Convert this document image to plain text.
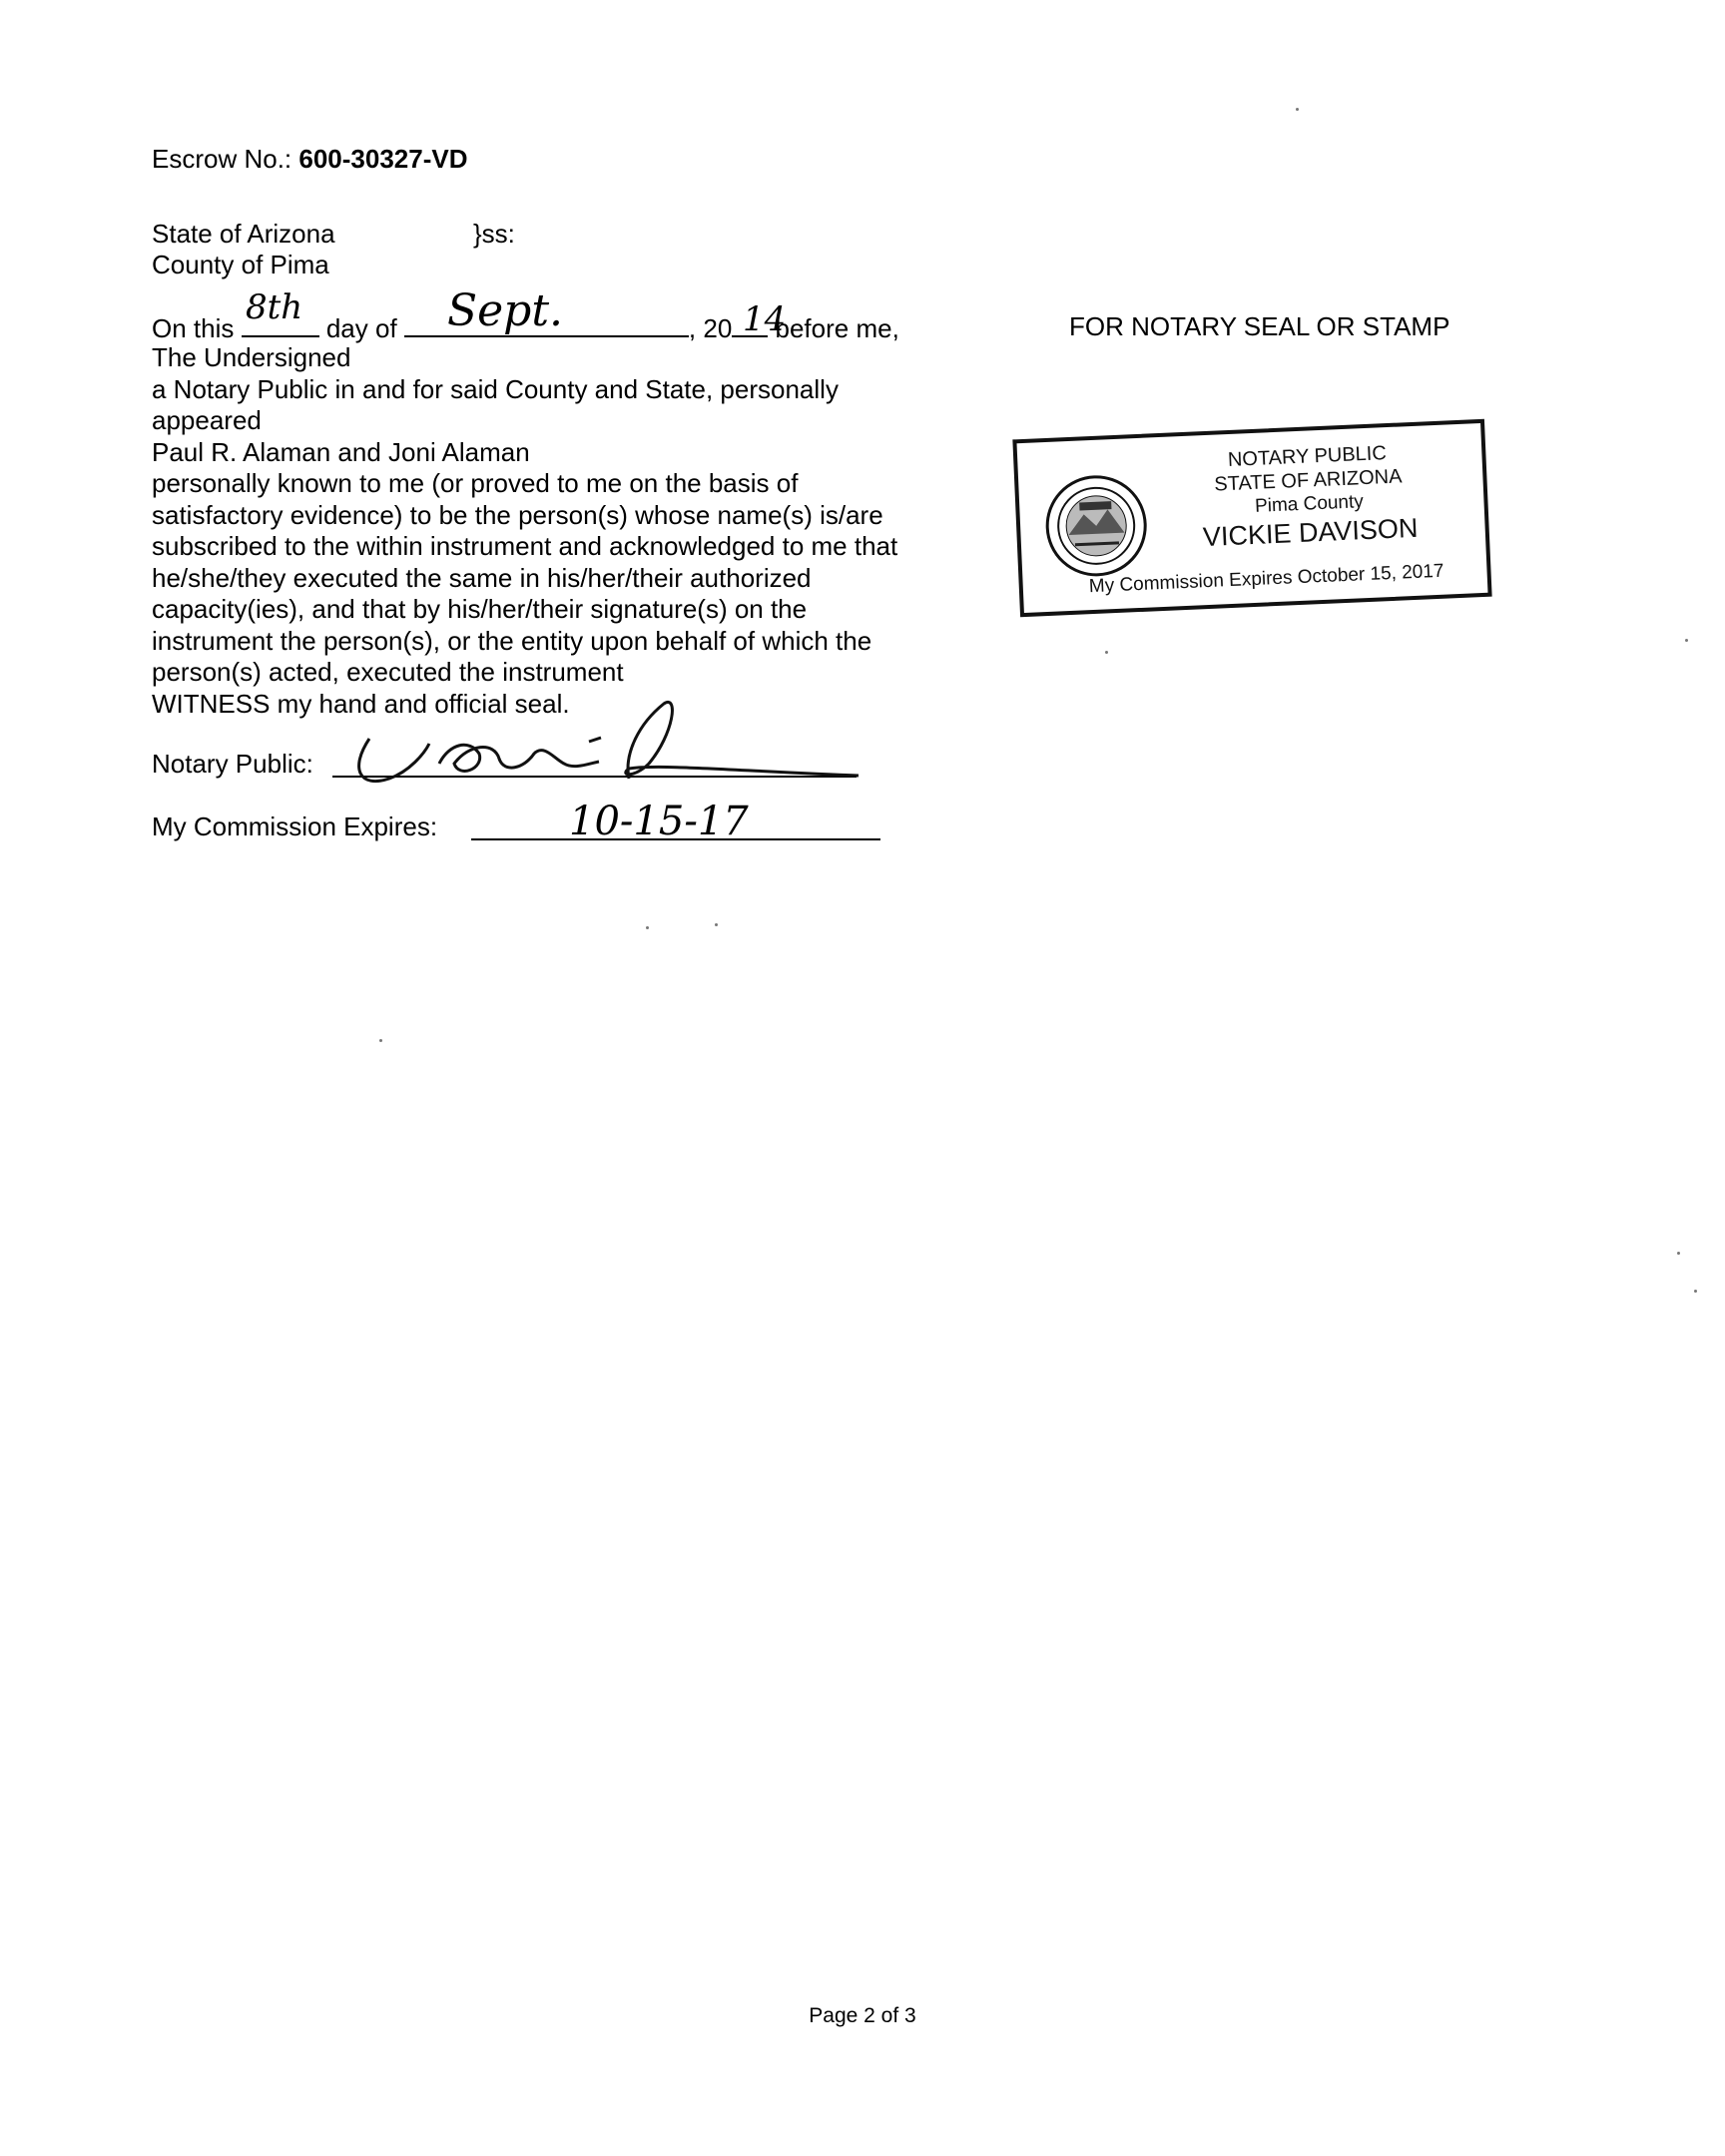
Escrow No.: 600-30327-VD
State of Arizona	}ss:
County of Pima
On this	day of	, 20 before me,
8th	Sept.	14
The Undersigned
a Notary Public in and for said County and State, personally
appeared
Paul R. Alaman and Joni Alaman
personally known to me (or proved to me on the basis of
satisfactory evidence) to be the person(s) whose name(s) is/are
subscribed to the within instrument and acknowledged to me that
he/she/they executed the same in his/her/their authorized
capacity(ies), and that by his/her/their signature(s) on the
instrument the person(s), or the entity upon behalf of which the
person(s) acted, executed the instrument
WITNESS my hand and official seal.
Notary Public:
My Commission Expires:	10-15-17
FOR NOTARY SEAL OR STAMP
NOTARY PUBLIC
STATE OF ARIZONA
Pima County
VICKIE DAVISON
My Commission Expires October 15, 2017
Page 2 of 3
